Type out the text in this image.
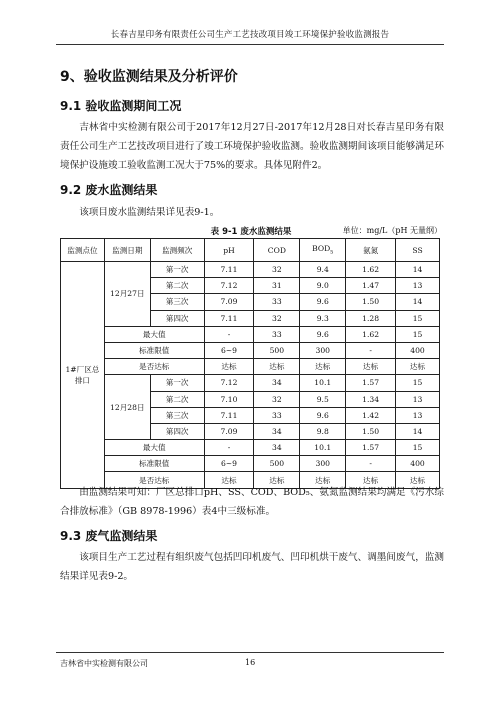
长春吉星印务有限责任公司生产工艺技改项目竣工环境保护验收监测报告
9、验收监测结果及分析评价
9.1 验收监测期间工况
吉林省中实检测有限公司于2017年12月27日-2017年12月28日对长春吉星印务有限责任公司生产工艺技改项目进行了竣工环境保护验收监测。验收监测期间该项目能够满足环境保护设施竣工验收监测工况大于75%的要求。具体见附件2。
9.2 废水监测结果
该项目废水监测结果详见表9-1。
表 9-1 废水监测结果	单位：mg/L（pH 无量纲）
监测点位	监测日期	监测频次	pH	COD	$BOD_5$	氨氮	SS
1#厂区总排口	12月27日	第一次	7.11	32	9.4	1.62	14
		第二次	7.12	31	9.0	1.47	13
		第三次	7.09	33	9.6	1.50	14
		第四次	7.11	32	9.3	1.28	15
	最大值		-	33	9.6	1.62	15
	标准限值		6~9	500	300	-	400
	是否达标		达标	达标	达标	达标	达标
	12月28日	第一次	7.12	34	10.1	1.57	15
		第二次	7.10	32	9.5	1.34	13
		第三次	7.11	33	9.6	1.42	13
		第四次	7.09	34	9.8	1.50	14
	最大值		-	34	10.1	1.57	15
	标准限值		6~9	500	300	-	400
	是否达标		达标	达标	达标	达标	达标
由监测结果可知：厂区总排口pH、SS、COD、BOD₅、氨氮监测结果均满足《污水综合排放标准》（GB 8978-1996）表4中三级标准。
9.3 废气监测结果
该项目生产工艺过程有组织废气包括凹印机废气、凹印机烘干废气、调墨间废气，监测结果详见表9-2。
吉林省中实检测有限公司	16
